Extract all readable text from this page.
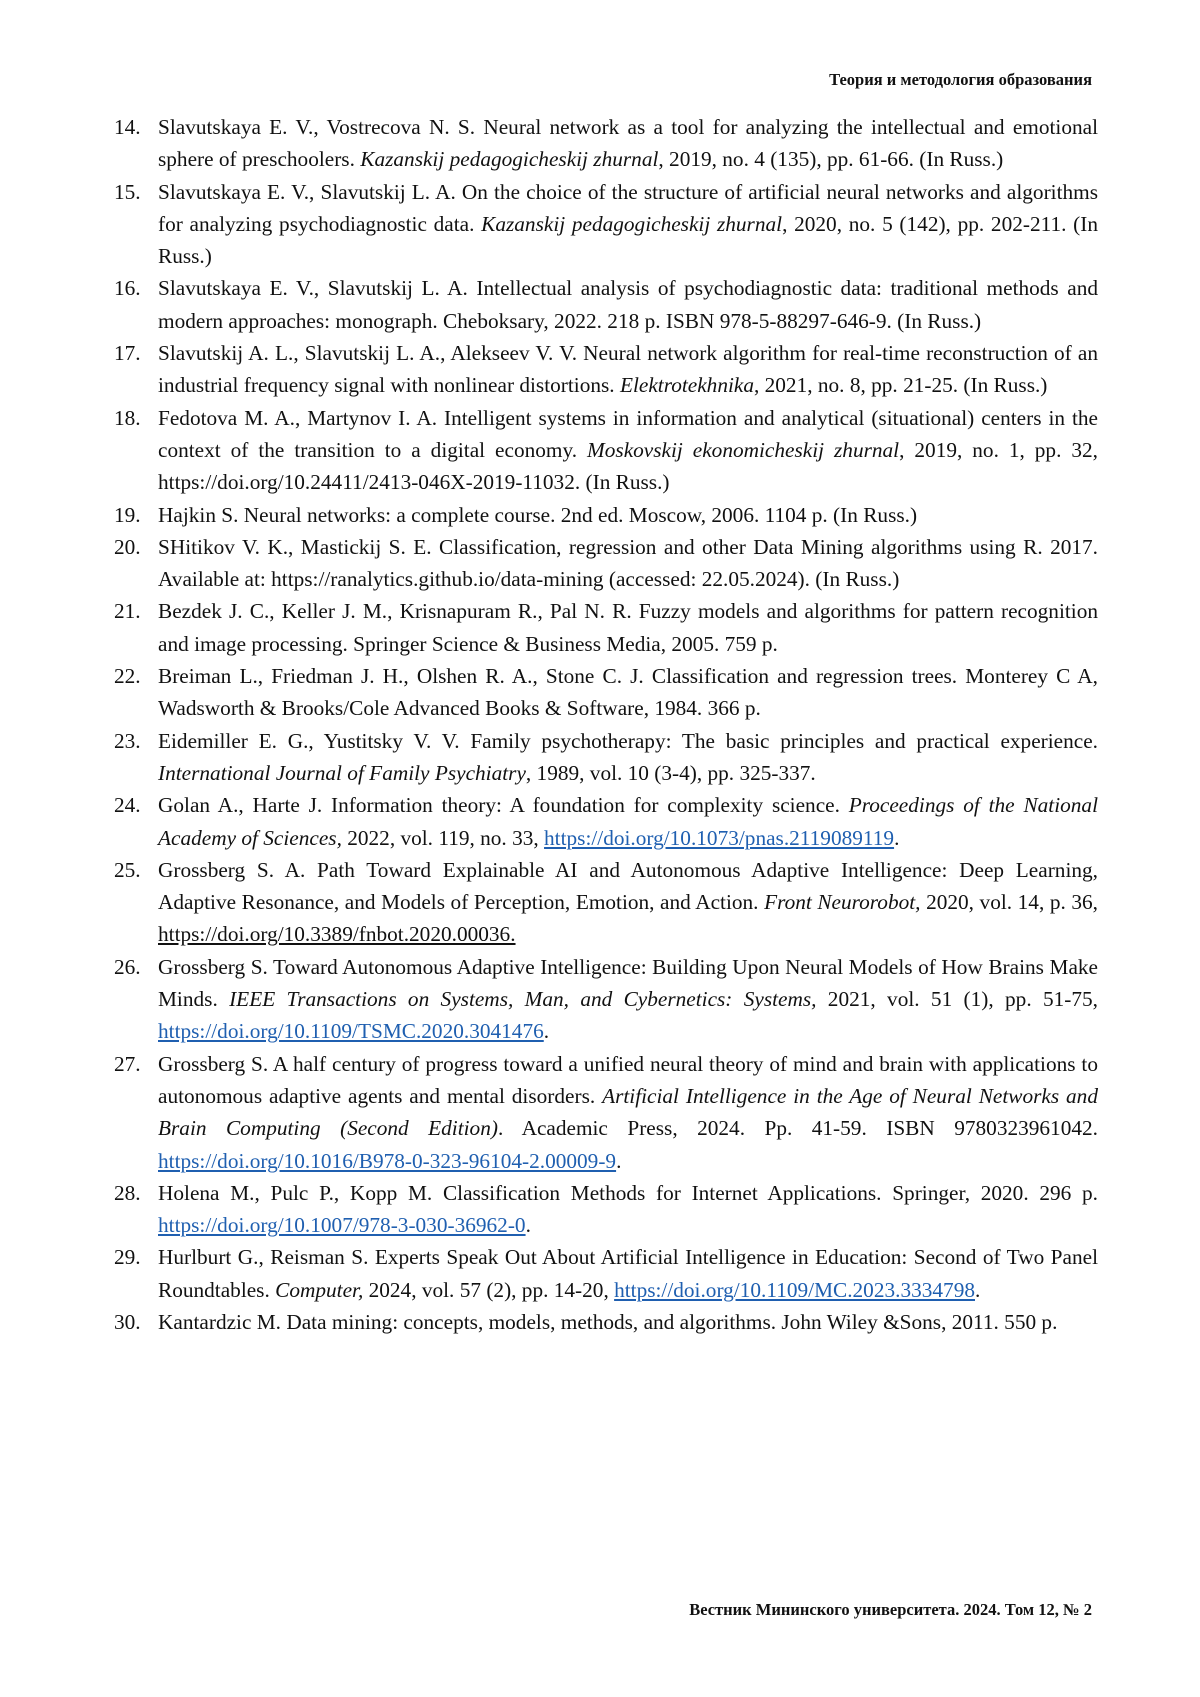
Теория и методология образования
14. Slavutskaya E. V., Vostrecova N. S. Neural network as a tool for analyzing the intellectual and emotional sphere of preschoolers. Kazanskij pedagogicheskij zhurnal, 2019, no. 4 (135), pp. 61-66. (In Russ.)
15. Slavutskaya E. V., Slavutskij L. A. On the choice of the structure of artificial neural networks and algorithms for analyzing psychodiagnostic data. Kazanskij pedagogicheskij zhurnal, 2020, no. 5 (142), pp. 202-211. (In Russ.)
16. Slavutskaya E. V., Slavutskij L. A. Intellectual analysis of psychodiagnostic data: traditional methods and modern approaches: monograph. Cheboksary, 2022. 218 p. ISBN 978-5-88297-646-9. (In Russ.)
17. Slavutskij A. L., Slavutskij L. A., Alekseev V. V. Neural network algorithm for real-time reconstruction of an industrial frequency signal with nonlinear distortions. Elektrotekhnika, 2021, no. 8, pp. 21-25. (In Russ.)
18. Fedotova M. A., Martynov I. A. Intelligent systems in information and analytical (situational) centers in the context of the transition to a digital economy. Moskovskij ekonomicheskij zhurnal, 2019, no. 1, pp. 32, https://doi.org/10.24411/2413-046X-2019-11032. (In Russ.)
19. Hajkin S. Neural networks: a complete course. 2nd ed. Moscow, 2006. 1104 p. (In Russ.)
20. SHitikov V. K., Mastickij S. E. Classification, regression and other Data Mining algorithms using R. 2017. Available at: https://ranalytics.github.io/data-mining (accessed: 22.05.2024). (In Russ.)
21. Bezdek J. C., Keller J. M., Krisnapuram R., Pal N. R. Fuzzy models and algorithms for pattern recognition and image processing. Springer Science & Business Media, 2005. 759 p.
22. Breiman L., Friedman J. H., Olshen R. A., Stone C. J. Classification and regression trees. Monterey C A, Wadsworth & Brooks/Cole Advanced Books & Software, 1984. 366 p.
23. Eidemiller E. G., Yustitsky V. V. Family psychotherapy: The basic principles and practical experience. International Journal of Family Psychiatry, 1989, vol. 10 (3-4), pp. 325-337.
24. Golan A., Harte J. Information theory: A foundation for complexity science. Proceedings of the National Academy of Sciences, 2022, vol. 119, no. 33, https://doi.org/10.1073/pnas.2119089119.
25. Grossberg S. A. Path Toward Explainable AI and Autonomous Adaptive Intelligence: Deep Learning, Adaptive Resonance, and Models of Perception, Emotion, and Action. Front Neurorobot, 2020, vol. 14, p. 36, https://doi.org/10.3389/fnbot.2020.00036.
26. Grossberg S. Toward Autonomous Adaptive Intelligence: Building Upon Neural Models of How Brains Make Minds. IEEE Transactions on Systems, Man, and Cybernetics: Systems, 2021, vol. 51 (1), pp. 51-75, https://doi.org/10.1109/TSMC.2020.3041476.
27. Grossberg S. A half century of progress toward a unified neural theory of mind and brain with applications to autonomous adaptive agents and mental disorders. Artificial Intelligence in the Age of Neural Networks and Brain Computing (Second Edition). Academic Press, 2024. Pp. 41-59. ISBN 9780323961042. https://doi.org/10.1016/B978-0-323-96104-2.00009-9.
28. Holena M., Pulc P., Kopp M. Classification Methods for Internet Applications. Springer, 2020. 296 p. https://doi.org/10.1007/978-3-030-36962-0.
29. Hurlburt G., Reisman S. Experts Speak Out About Artificial Intelligence in Education: Second of Two Panel Roundtables. Computer, 2024, vol. 57 (2), pp. 14-20, https://doi.org/10.1109/MC.2023.3334798.
30. Kantardzic M. Data mining: concepts, models, methods, and algorithms. John Wiley &Sons, 2011. 550 p.
Вестник Мининского университета. 2024. Том 12, № 2
